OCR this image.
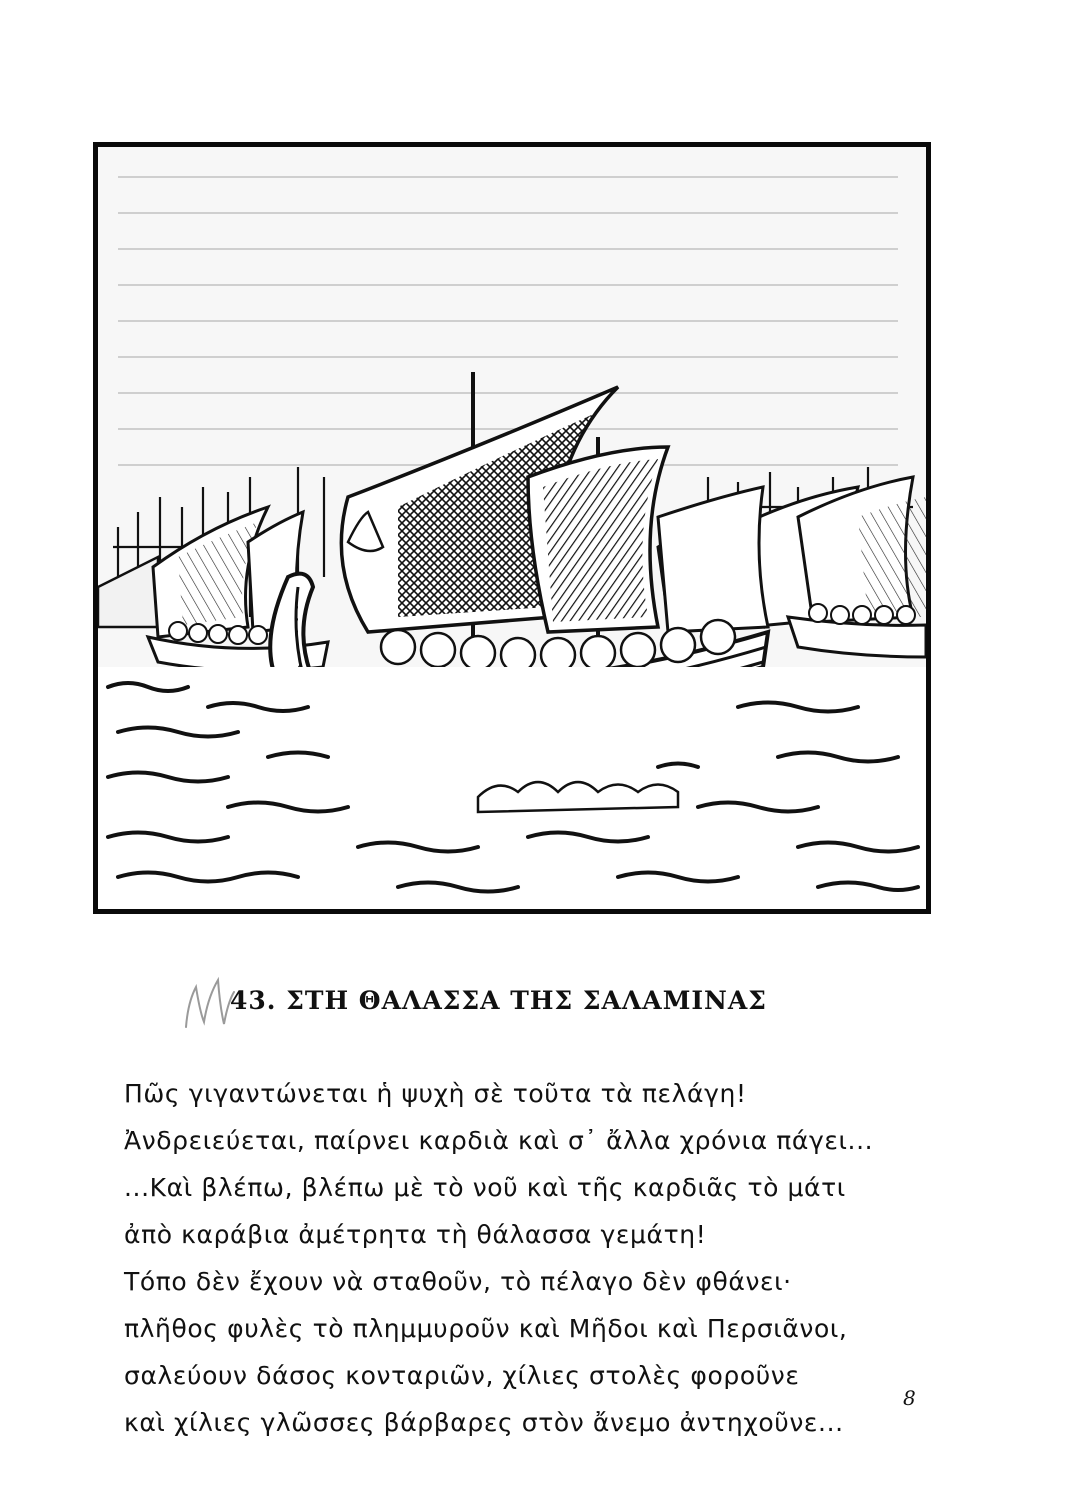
43. ΣΤΗ ΘΑΛΑΣΣΑ ΤΗΣ ΣΑΛΑΜΙΝΑΣ
Πῶς γιγαντώνεται ἡ ψυχὴ σὲ τοῦτα τὰ πελάγη!
Ἀνδρειεύεται, παίρνει καρδιὰ καὶ σ᾽ ἄλλα χρόνια πάγει...
...Καὶ βλέπω, βλέπω μὲ τὸ νοῦ καὶ τῆς καρδιᾶς τὸ μάτι
ἀπὸ καράβια ἀμέτρητα τὴ θάλασσα γεμάτη!
Τόπο δὲν ἔχουν νὰ σταθοῦν, τὸ πέλαγο δὲν φθάνει·
πλῆθος φυλὲς τὸ πλημμυροῦν καὶ Μῆδοι καὶ Περσιᾶνοι,
σαλεύουν δάσος κονταριῶν, χίλιες στολὲς φοροῦνε
καὶ χίλιες γλῶσσες βάρβαρες στὸν ἄνεμο ἀντηχοῦνε...
8
